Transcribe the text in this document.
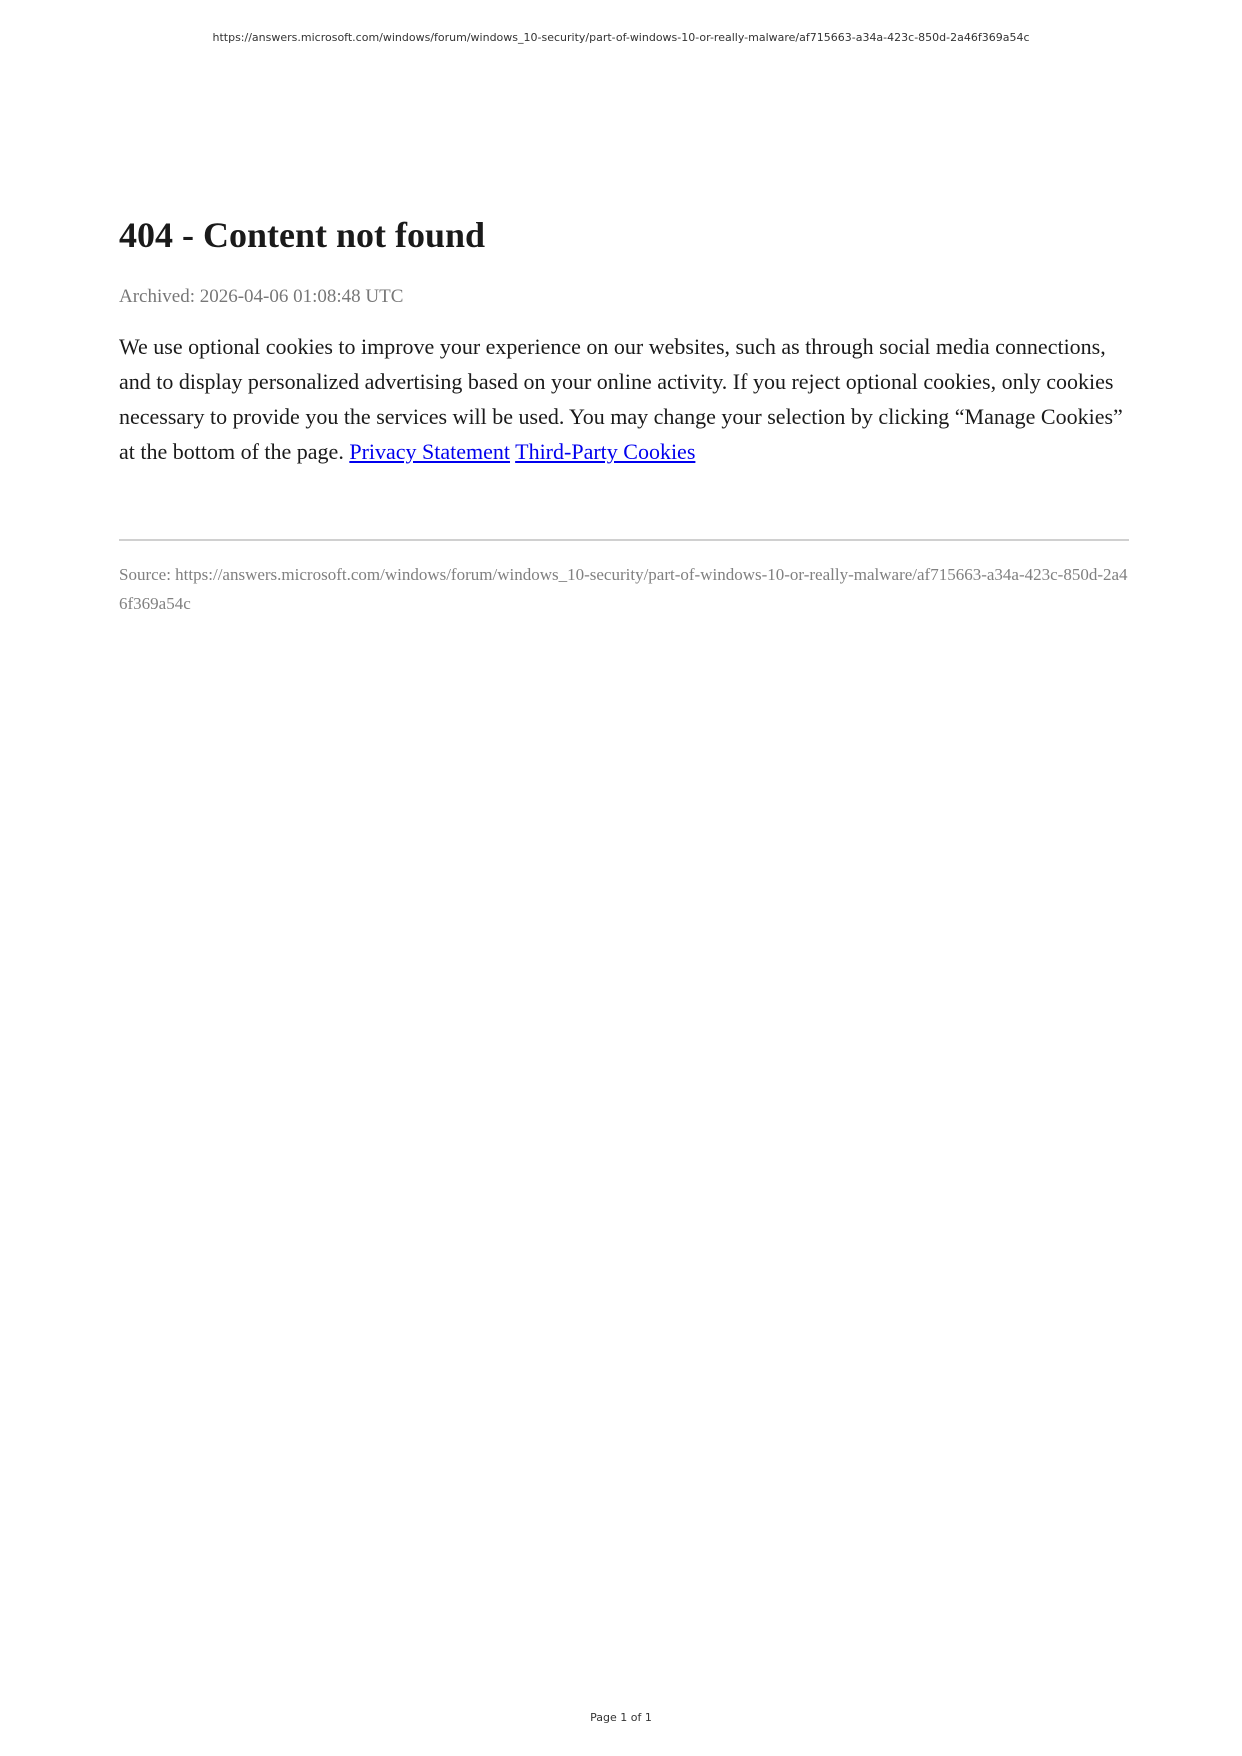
https://answers.microsoft.com/windows/forum/windows_10-security/part-of-windows-10-or-really-malware/af715663-a34a-423c-850d-2a46f369a54c
404 - Content not found
Archived: 2026-04-06 01:08:48 UTC

We use optional cookies to improve your experience on our websites, such as through social media connections, and to display personalized advertising based on your online activity. If you reject optional cookies, only cookies necessary to provide you the services will be used. You may change your selection by clicking “Manage Cookies” at the bottom of the page. Privacy Statement Third-Party Cookies

Source: https://answers.microsoft.com/windows/forum/windows_10-security/part-of-windows-10-or-really-malware/af715663-a34a-423c-850d-2a46f369a54c
Page 1 of 1
